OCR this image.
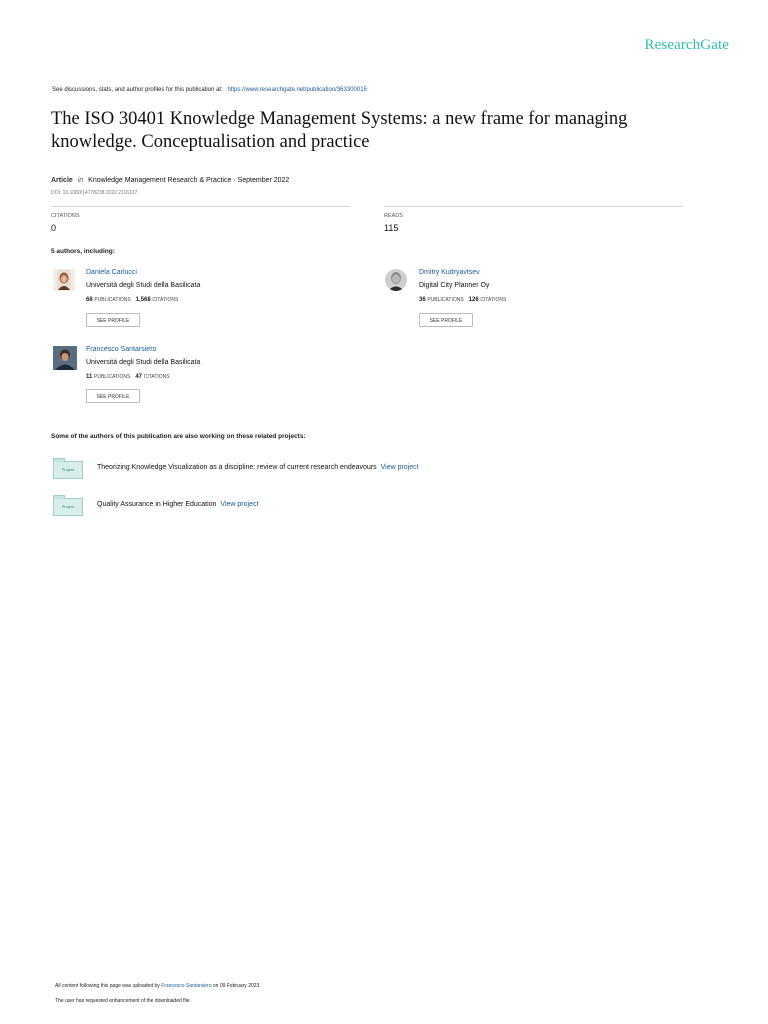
ResearchGate
See discussions, stats, and author profiles for this publication at: https://www.researchgate.net/publication/363300015
The ISO 30401 Knowledge Management Systems: a new frame for managing
knowledge. Conceptualisation and practice
Article in Knowledge Management Research & Practice · September 2022
DOI: 10.1080/14778238.2022.2116137
CITATIONS
0
READS
115
5 authors, including:
Daniela Carlucci
Università degli Studi della Basilicata
68 PUBLICATIONS 1,568 CITATIONS
SEE PROFILE
Dmitry Kudryavtsev
Digital City Planner Oy
36 PUBLICATIONS 126 CITATIONS
SEE PROFILE
Francesco Santarsiero
Università degli Studi della Basilicata
11 PUBLICATIONS 47 CITATIONS
SEE PROFILE
Some of the authors of this publication are also working on these related projects:
Project	Theorizing Knowledge Visualization as a discipline: review of current research endeavours View project
Project	Quality Assurance in Higher Education View project
All content following this page was uploaded by Francesco Santarsiero on 09 February 2023.
The user has requested enhancement of the downloaded file.
